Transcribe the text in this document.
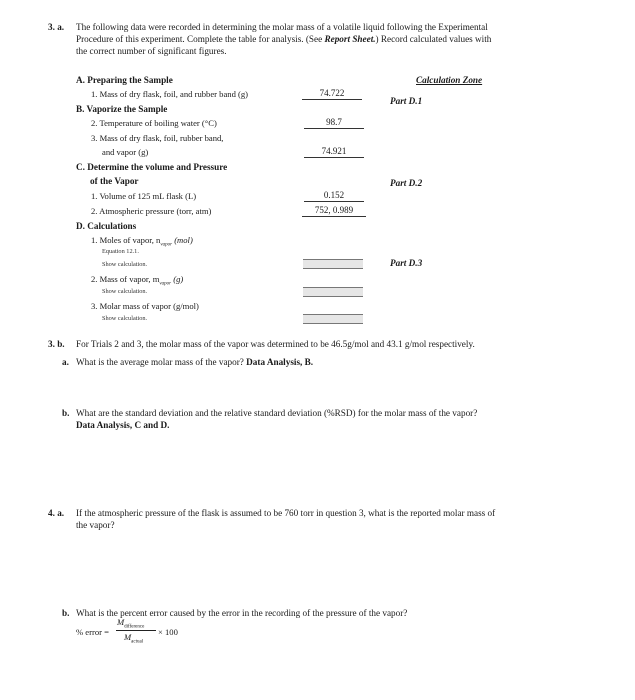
3. a. The following data were recorded in determining the molar mass of a volatile liquid following the Experimental
Procedure of this experiment. Complete the table for analysis. (See Report Sheet.) Record calculated values with
the correct number of significant figures.
Calculation Zone
A. Preparing the Sample
1. Mass of dry flask, foil, and rubber band (g)	74.722
Part D.1
B. Vaporize the Sample
2. Temperature of boiling water (°C)	98.7
3. Mass of dry flask, foil, rubber band,
and vapor (g)	74.921
C. Determine the volume and Pressure
of the Vapor	Part D.2
1. Volume of 125 mL flask (L)	0.152
2. Atmospheric pressure (torr, atm)	752, 0.989
D. Calculations
1. Moles of vapor, $n_{vapor}$ (mol)
Equation 12.1.
Show calculation.	Part D.3
2. Mass of vapor, $m_{vapor}$ (g)
Show calculation.
3. Molar mass of vapor (g/mol)
Show calculation.
3. b. For Trials 2 and 3, the molar mass of the vapor was determined to be 46.5g/mol and 43.1 g/mol respectively.
a. What is the average molar mass of the vapor? Data Analysis, B.
b. What are the standard deviation and the relative standard deviation (%RSD) for the molar mass of the vapor?
Data Analysis, C and D.
4. a. If the atmospheric pressure of the flask is assumed to be 760 torr in question 3, what is the reported molar mass of
the vapor?
b. What is the percent error caused by the error in the recording of the pressure of the vapor?
% error =
$M_{difference}$
$M_{actual}$
× 100
